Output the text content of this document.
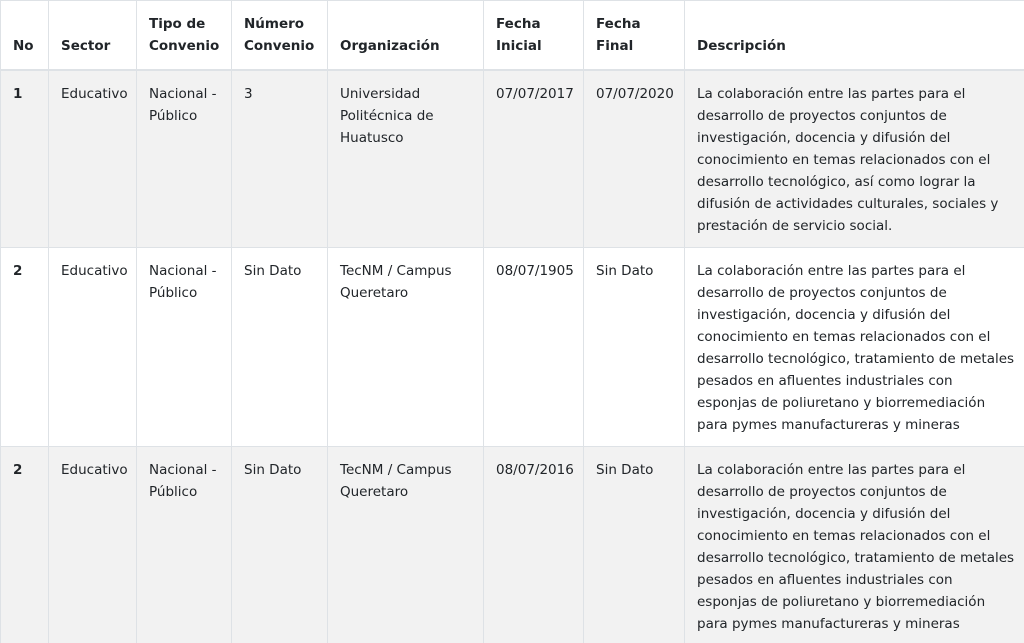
No	Sector	Tipo de Convenio	Número Convenio	Organización	Fecha Inicial	Fecha Final	Descripción
1	Educativo	Nacional - Público	3	Universidad Politécnica de Huatusco	07/07/2017	07/07/2020	La colaboración entre las partes para el desarrollo de proyectos conjuntos de investigación, docencia y difusión del conocimiento en temas relacionados con el desarrollo tecnológico, así como lograr la difusión de actividades culturales, sociales y prestación de servicio social.
2	Educativo	Nacional - Público	Sin Dato	TecNM / Campus Queretaro	08/07/1905	Sin Dato	La colaboración entre las partes para el desarrollo de proyectos conjuntos de investigación, docencia y difusión del conocimiento en temas relacionados con el desarrollo tecnológico, tratamiento de metales pesados en afluentes industriales con esponjas de poliuretano y biorremediación para pymes manufactureras y mineras
2	Educativo	Nacional - Público	Sin Dato	TecNM / Campus Queretaro	08/07/2016	Sin Dato	La colaboración entre las partes para el desarrollo de proyectos conjuntos de investigación, docencia y difusión del conocimiento en temas relacionados con el desarrollo tecnológico, tratamiento de metales pesados en afluentes industriales con esponjas de poliuretano y biorremediación para pymes manufactureras y mineras
